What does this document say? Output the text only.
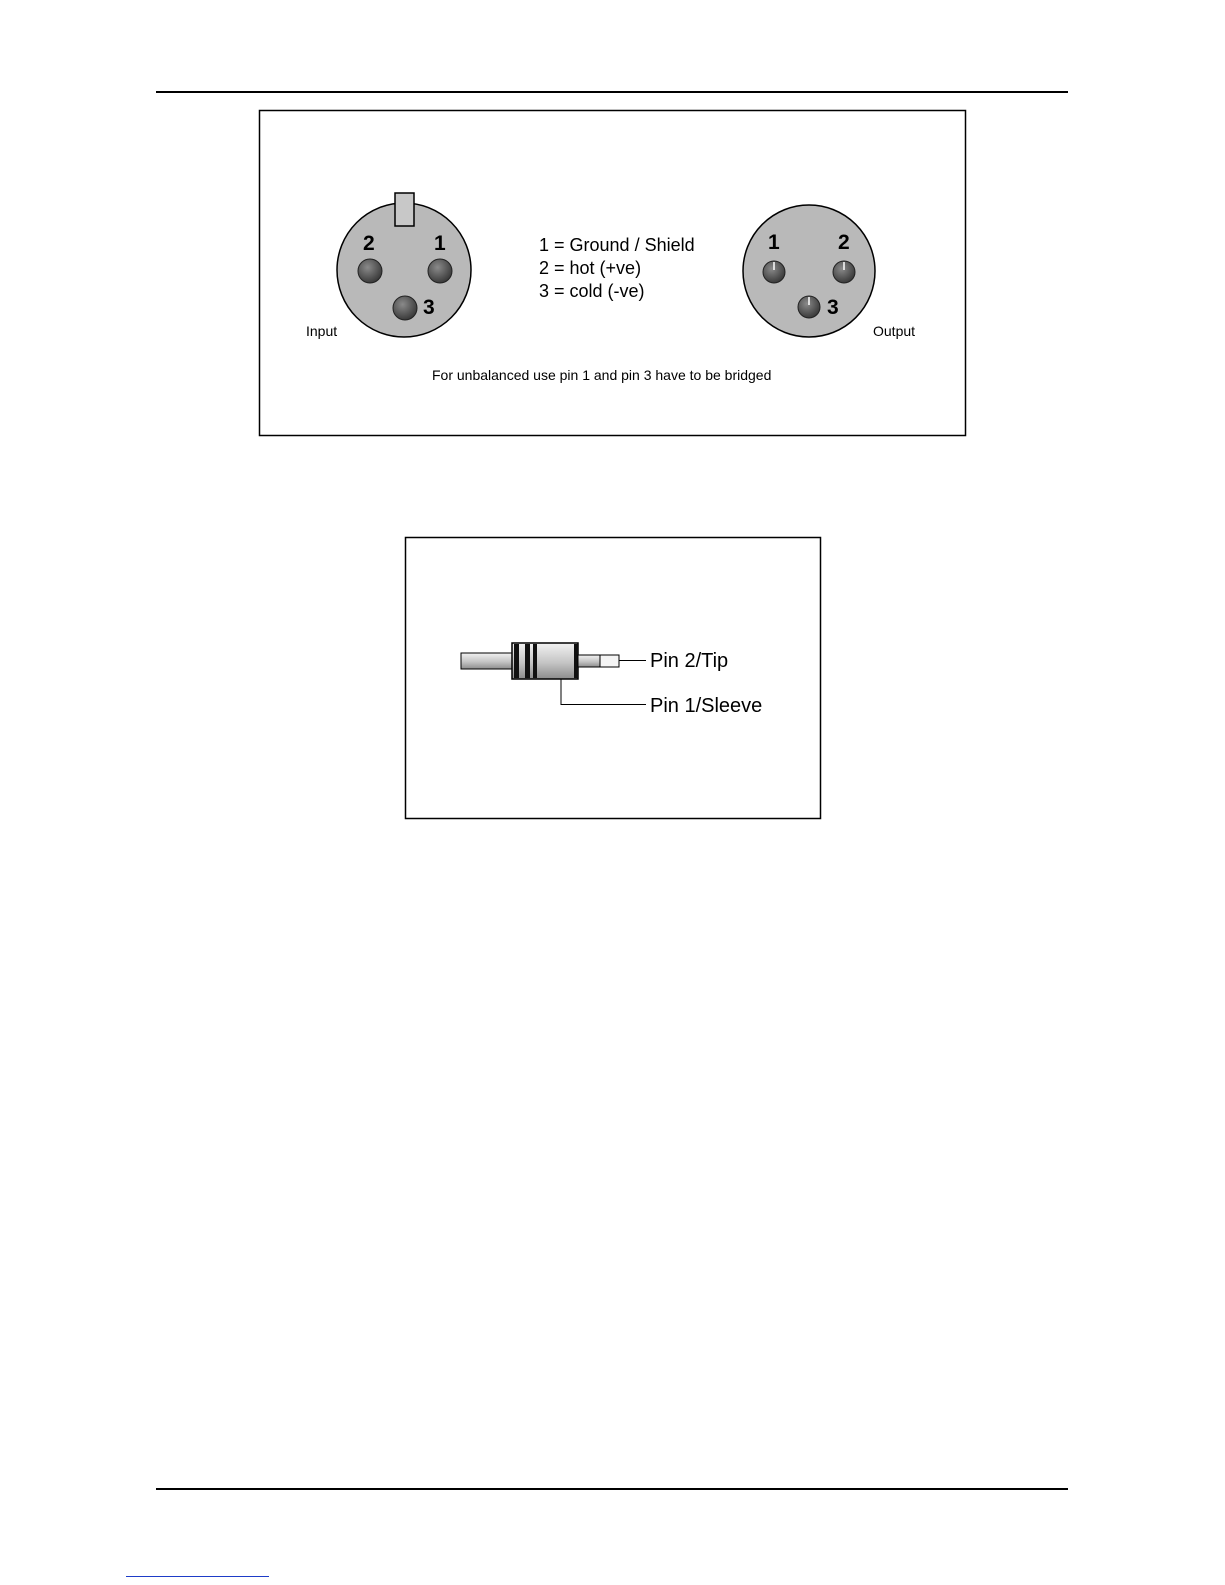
2	1
3
Input
1 = Ground / Shield
2 = hot (+ve)
3 = cold (-ve)
1	2
3
Output
For unbalanced use pin 1 and pin 3 have to be bridged
Pin 2/Tip
Pin 1/Sleeve
